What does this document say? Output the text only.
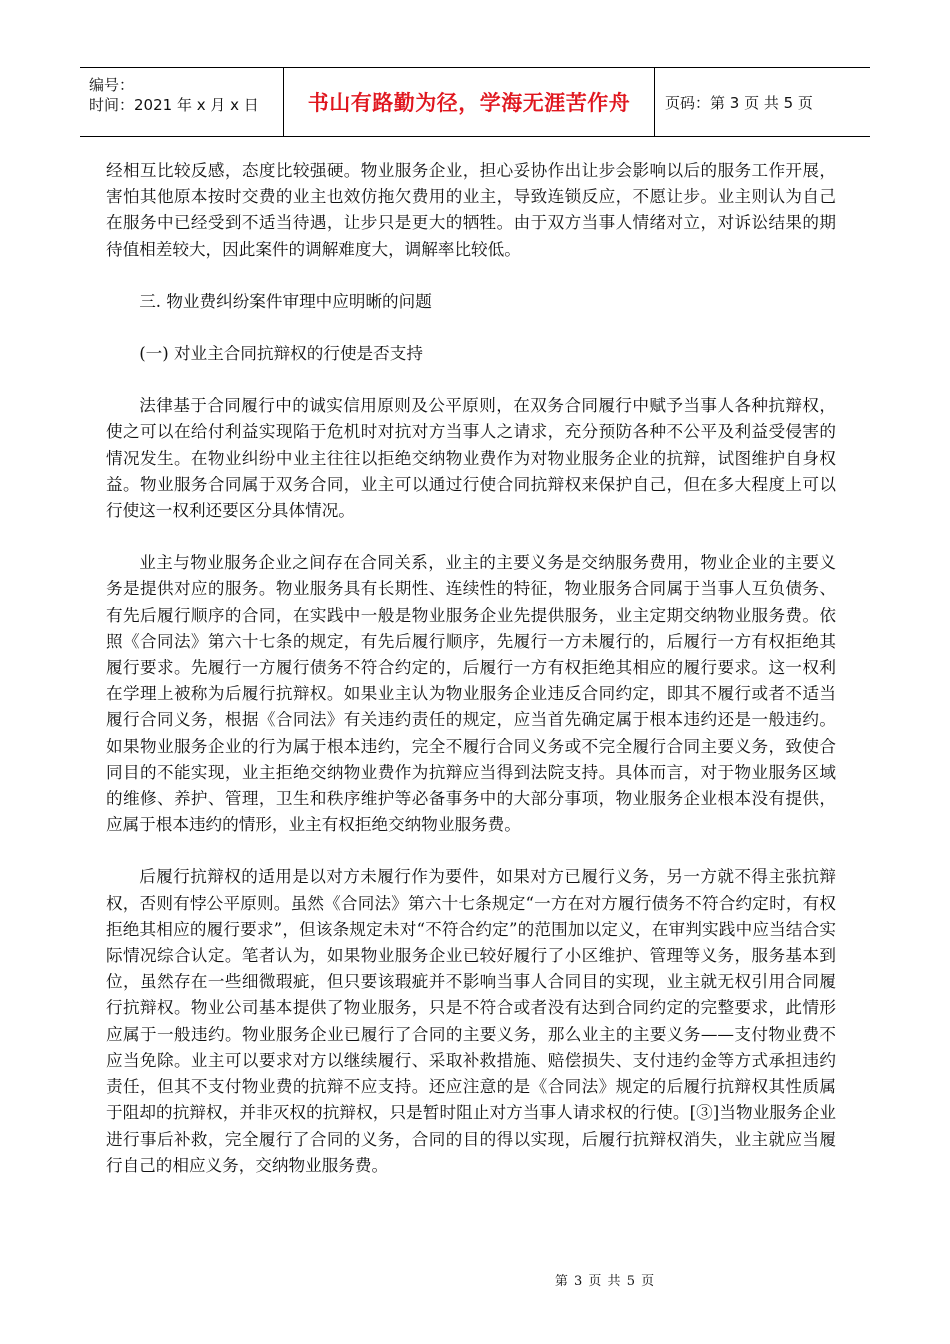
编号：
时间：2021 年 x 月 x 日	书山有路勤为径，学海无涯苦作舟 页码：第 3 页 共 5 页

经相互比较反感，态度比较强硬。物业服务企业，担心妥协作出让步会影响以后的服务工作开展，害怕其他原本按时交费的业主也效仿拖欠费用的业主，导致连锁反应，不愿让步。业主则认为自己在服务中已经受到不适当待遇，让步只是更大的牺牲。由于双方当事人情绪对立，对诉讼结果的期待值相差较大，因此案件的调解难度大，调解率比较低。

三. 物业费纠纷案件审理中应明晰的问题

(一) 对业主合同抗辩权的行使是否支持

法律基于合同履行中的诚实信用原则及公平原则，在双务合同履行中赋予当事人各种抗辩权，使之可以在给付利益实现陷于危机时对抗对方当事人之请求，充分预防各种不公平及利益受侵害的情况发生。在物业纠纷中业主往往以拒绝交纳物业费作为对物业服务企业的抗辩，试图维护自身权益。物业服务合同属于双务合同，业主可以通过行使合同抗辩权来保护自己，但在多大程度上可以行使这一权利还要区分具体情况。

业主与物业服务企业之间存在合同关系，业主的主要义务是交纳服务费用，物业企业的主要义务是提供对应的服务。物业服务具有长期性、连续性的特征，物业服务合同属于当事人互负债务、有先后履行顺序的合同，在实践中一般是物业服务企业先提供服务，业主定期交纳物业服务费。依照《合同法》第六十七条的规定，有先后履行顺序，先履行一方未履行的，后履行一方有权拒绝其履行要求。先履行一方履行债务不符合约定的，后履行一方有权拒绝其相应的履行要求。这一权利在学理上被称为后履行抗辩权。如果业主认为物业服务企业违反合同约定，即其不履行或者不适当履行合同义务，根据《合同法》有关违约责任的规定，应当首先确定属于根本违约还是一般违约。如果物业服务企业的行为属于根本违约，完全不履行合同义务或不完全履行合同主要义务，致使合同目的不能实现，业主拒绝交纳物业费作为抗辩应当得到法院支持。具体而言，对于物业服务区域的维修、养护、管理，卫生和秩序维护等必备事务中的大部分事项，物业服务企业根本没有提供，应属于根本违约的情形，业主有权拒绝交纳物业服务费。

后履行抗辩权的适用是以对方未履行作为要件，如果对方已履行义务，另一方就不得主张抗辩权，否则有悖公平原则。虽然《合同法》第六十七条规定“一方在对方履行债务不符合约定时，有权拒绝其相应的履行要求”，但该条规定未对“不符合约定”的范围加以定义，在审判实践中应当结合实际情况综合认定。笔者认为，如果物业服务企业已较好履行了小区维护、管理等义务，服务基本到位，虽然存在一些细微瑕疵，但只要该瑕疵并不影响当事人合同目的实现，业主就无权引用合同履行抗辩权。物业公司基本提供了物业服务，只是不符合或者没有达到合同约定的完整要求，此情形应属于一般违约。物业服务企业已履行了合同的主要义务，那么业主的主要义务——支付物业费不应当免除。业主可以要求对方以继续履行、采取补救措施、赔偿损失、支付违约金等方式承担违约责任，但其不支付物业费的抗辩不应支持。还应注意的是《合同法》规定的后履行抗辩权其性质属于阻却的抗辩权，并非灭权的抗辩权，只是暂时阻止对方当事人请求权的行使。[③]当物业服务企业进行事后补救，完全履行了合同的义务，合同的目的得以实现，后履行抗辩权消失，业主就应当履行自己的相应义务，交纳物业服务费。

第 3 页 共 5 页
